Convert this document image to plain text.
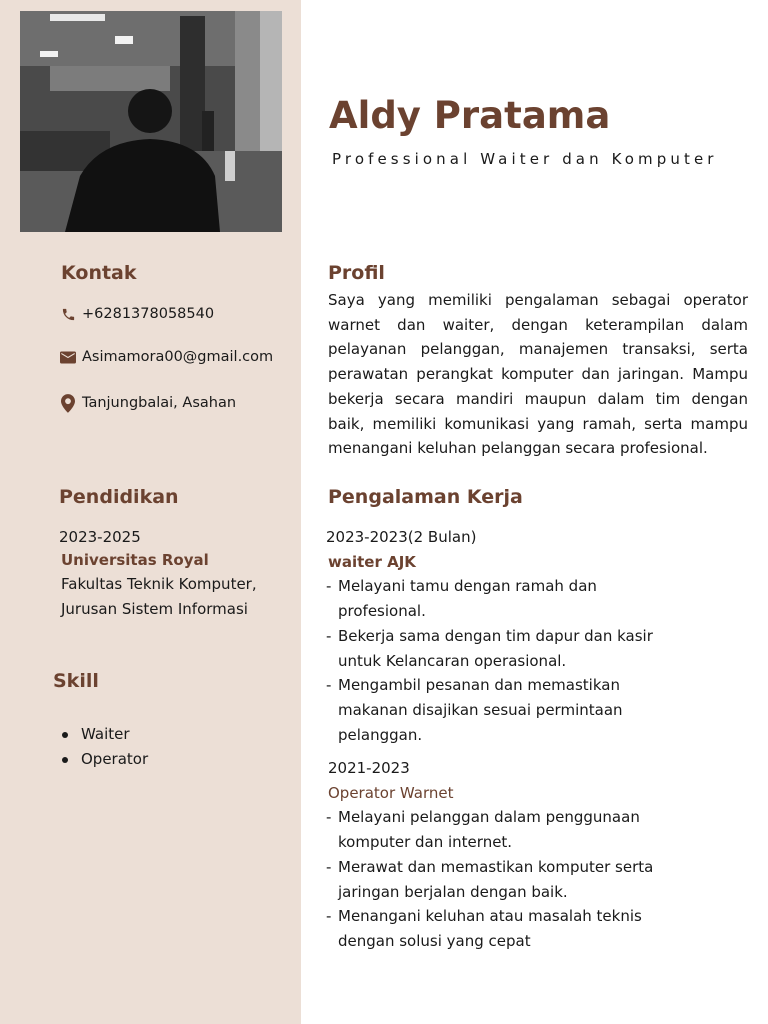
Kontak
+6281378058540
Asimamora00@gmail.com
Tanjungbalai, Asahan
Pendidikan
2023-2025
Universitas Royal
Fakultas Teknik Komputer,
Jurusan Sistem Informasi
Skill
Waiter
Operator
Aldy Pratama
Professional Waiter dan Komputer
Profil
Saya yang memiliki pengalaman sebagai operator warnet dan waiter, dengan keterampilan dalam pelayanan pelanggan, manajemen transaksi, serta perawatan perangkat komputer dan jaringan. Mampu bekerja secara mandiri maupun dalam tim dengan baik, memiliki komunikasi yang ramah, serta mampu menangani keluhan pelanggan secara profesional.
Pengalaman Kerja
2023-2023(2 Bulan)
waiter AJK
- Melayani tamu dengan ramah dan profesional.
- Bekerja sama dengan tim dapur dan kasir untuk Kelancaran operasional.
- Mengambil pesanan dan memastikan makanan disajikan sesuai permintaan pelanggan.
2021-2023
Operator Warnet
- Melayani pelanggan dalam penggunaan komputer dan internet.
- Merawat dan memastikan komputer serta jaringan berjalan dengan baik.
- Menangani keluhan atau masalah teknis dengan solusi yang cepat
